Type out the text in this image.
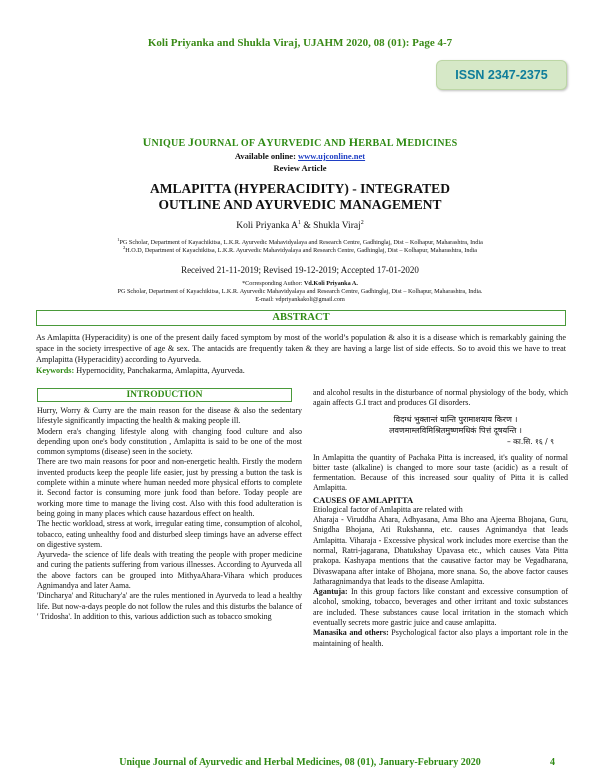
Koli Priyanka and Shukla Viraj, UJAHM 2020, 08 (01): Page 4-7
ISSN 2347-2375
UNIQUE JOURNAL OF AYURVEDIC AND HERBAL MEDICINES
Available online: www.ujconline.net
Review Article
AMLAPITTA (HYPERACIDITY) - INTEGRATED
OUTLINE AND AYURVEDIC MANAGEMENT
Koli Priyanka $A^1$ & Shukla Viraj$^2$
$^1$PG Scholar, Department of Kayachikitsa, L.K.R. Ayurvedic Mahavidyalaya and Research Centre, Gadhinglaj, Dist – Kolhapur, Maharashtra, India
$^2$H.O.D, Department of Kayachikitsa, L.K.R. Ayurvedic Mahavidyalaya and Research Centre, Gadhinglaj, Dist – Kolhapur, Maharashtra, India
Received 21-11-2019; Revised 19-12-2019; Accepted 17-01-2020
*Corresponding Author: Vd.Koli Priyanka A.
PG Scholar, Department of Kayachikitsa, L.K.R. Ayurvedic Mahavidyalaya and Research Centre, Gadhinglaj, Dist – Kolhapur, Maharashtra, India.
E-mail: vdpriyankakoli@gmail.com
ABSTRACT
As Amlapitta (Hyperacidity) is one of the present daily faced symptom by most of the world’s population & also it is a disease which is remarkably gaining the space in the society irrespective of age & sex. The antacids are frequently taken & they are having a large list of side effects. So to avoid this we have to treat Amplapitta (Hyperacidity) according to Ayurveda.
Keywords: Hypernocidity, Panchakarma, Amlapitta, Ayurveda.
INTRODUCTION

Hurry, Worry & Curry are the main reason for the disease & also the sedentary lifestyle significantly impacting the health & making people ill.

Modern era's changing lifestyle along with changing food culture and also depending upon one's body constitution , Amlapitta is said to be one of the most common symptoms (disease) seen in the society.

There are two main reasons for poor and non-energetic health. Firstly the modern invented products keep the people life easier, just by pressing a button the task is complete within a minute where human needed more physical efforts to complete it. Second factor is consuming more junk food than before. Today people are working more time to manage the living cost. Also with this food adulteration is being going in many places which cause hazardous effect on health.

The hectic workload, stress at work, irregular eating time, consumption of alcohol, tobacco, eating unhealthy food and disturbed sleep timings have an adverse effect on digestive system.

Ayurveda- the science of life deals with treating the people with proper medicine and curing the patients suffering from various illnesses. According to Ayurveda all the above factors can be grouped into MithyaAhara-Vihara which produces Agnimandya and later Aama.

'Dincharya' and Rituchary'a' are the rules mentioned in Ayurveda to lead a healthy life. But now-a-days people do not follow the rules and this disturbs the balance of ' Tridosha'. In addition to this, various addiction such as tobacco smoking

and alcohol results in the disturbance of normal physiology of the body, which again affects G.I tract and produces GI disorders.

विदग्धं भुक्तान्तं यान्ति पुरामाशयाय किरण ।
लवणमाम्लविमिश्रितमुष्णमधिकं पित्तं दूषयन्ति ।
– का.सि. १६ / ९

In Amlapitta the quantity of Pachaka Pitta is increased, it's quality of normal bitter taste (alkaline) is changed to more sour taste (acidic) as a result of fermentation. Because of this increased sour quality of Pitta it is called Amlapitta.

CAUSES OF AMLAPITTA

Etiological factor of Amlapitta are related with

Aharaja - Viruddha Ahara, Adhyasana, Ama Bho ana Ajeerna Bhojana, Guru, Snigdha Bhojana, Ati Rukshanna, etc. causes Agnimandya that leads Amlapitta. Viharaja - Excessive physical work includes more exercise than the normal, Ratri-jagarana, Dhatukshay Upavasa etc., which causes Vata Pitta prakopa. Kashyapa mentions that the causative factor may be Vegadharana, Divaswapana after intake of Bhojana, more snana. So, the above factor causes Jatharagnimandya that leads to the disease Amlapitta.

Agantuja: In this group factors like constant and excessive consumption of alcohol, smoking, tobacco, beverages and other irritant and toxic substances are included. These substances cause local irritation in the stomach which eventually secrets more gastric juice and cause amlapitta.

Manasika and others: Psychological factor also plays a important role in the maintaining of health.

Unique Journal of Ayurvedic and Herbal Medicines, 08 (01), January-February 2020	4
